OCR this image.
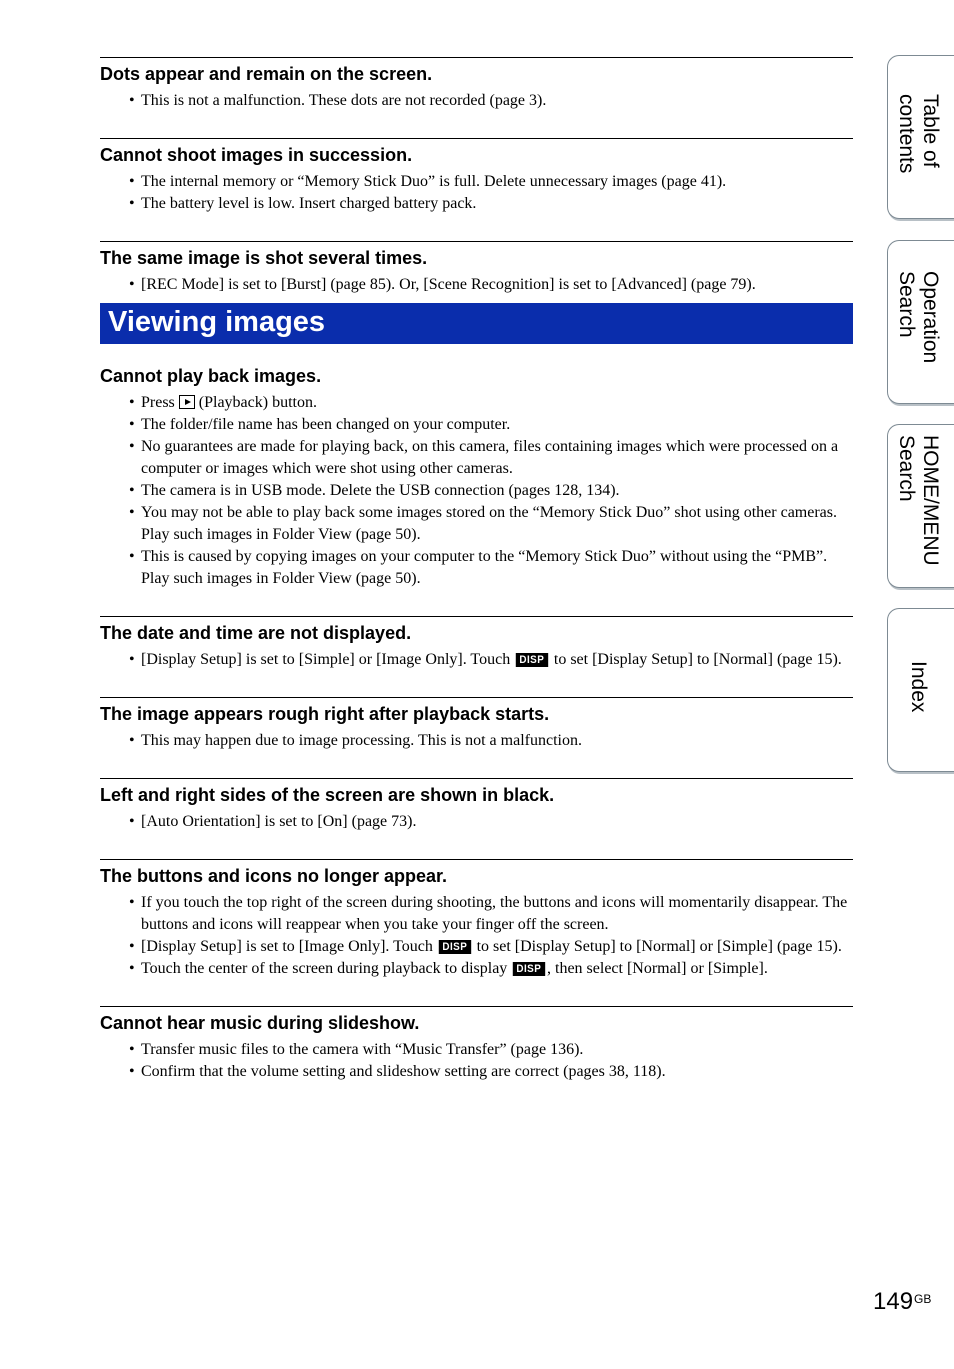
Dots appear and remain on the screen.
• This is not a malfunction. These dots are not recorded (page 3).
Cannot shoot images in succession.
• The internal memory or “Memory Stick Duo” is full. Delete unnecessary images (page 41).
• The battery level is low. Insert charged battery pack.
The same image is shot several times.
• [REC Mode] is set to [Burst] (page 85). Or, [Scene Recognition] is set to [Advanced] (page 79).
Viewing images
Cannot play back images.
• Press  (Playback) button.
• The folder/file name has been changed on your computer.
• No guarantees are made for playing back, on this camera, files containing images which were processed on a computer or images which were shot using other cameras.
• The camera is in USB mode. Delete the USB connection (pages 128, 134).
• You may not be able to play back some images stored on the “Memory Stick Duo” shot using other cameras. Play such images in Folder View (page 50).
• This is caused by copying images on your computer to the “Memory Stick Duo” without using the “PMB”. Play such images in Folder View (page 50).
The date and time are not displayed.
• [Display Setup] is set to [Simple] or [Image Only]. Touch DISP to set [Display Setup] to [Normal] (page 15).
The image appears rough right after playback starts.
• This may happen due to image processing. This is not a malfunction.
Left and right sides of the screen are shown in black.
• [Auto Orientation] is set to [On] (page 73).
The buttons and icons no longer appear.
• If you touch the top right of the screen during shooting, the buttons and icons will momentarily disappear. The buttons and icons will reappear when you take your finger off the screen.
• [Display Setup] is set to [Image Only]. Touch DISP to set [Display Setup] to [Normal] or [Simple] (page 15).
• Touch the center of the screen during playback to display DISP , then select [Normal] or [Simple].
Cannot hear music during slideshow.
• Transfer music files to the camera with “Music Transfer” (page 136).
• Confirm that the volume setting and slideshow setting are correct (pages 38, 118).
Table of
contents
Operation
Search
HOME/MENU
Search
Index
$149^{GB}$
